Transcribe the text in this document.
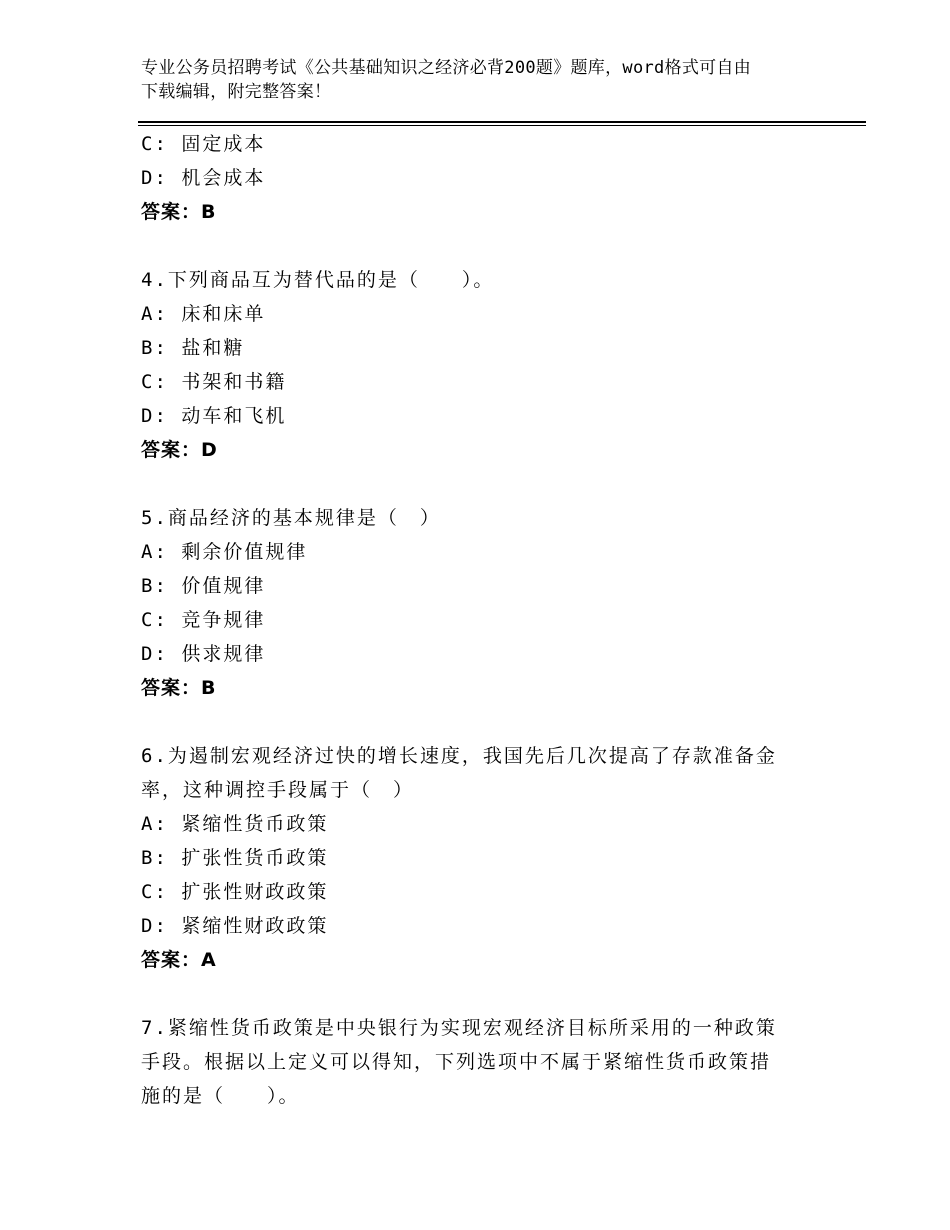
专业公务员招聘考试《公共基础知识之经济必背200题》题库，word格式可自由
下载编辑，附完整答案！
C: 固定成本
D: 机会成本
答案：B
4.下列商品互为替代品的是（　　）。
A: 床和床单
B: 盐和糖
C: 书架和书籍
D: 动车和飞机
答案：D
5.商品经济的基本规律是（　）
A: 剩余价值规律
B: 价值规律
C: 竞争规律
D: 供求规律
答案：B
6.为遏制宏观经济过快的增长速度，我国先后几次提高了存款准备金
率，这种调控手段属于（　）
A: 紧缩性货币政策
B: 扩张性货币政策
C: 扩张性财政政策
D: 紧缩性财政政策
答案：A
7.紧缩性货币政策是中央银行为实现宏观经济目标所采用的一种政策
手段。根据以上定义可以得知，下列选项中不属于紧缩性货币政策措
施的是（　　）。
